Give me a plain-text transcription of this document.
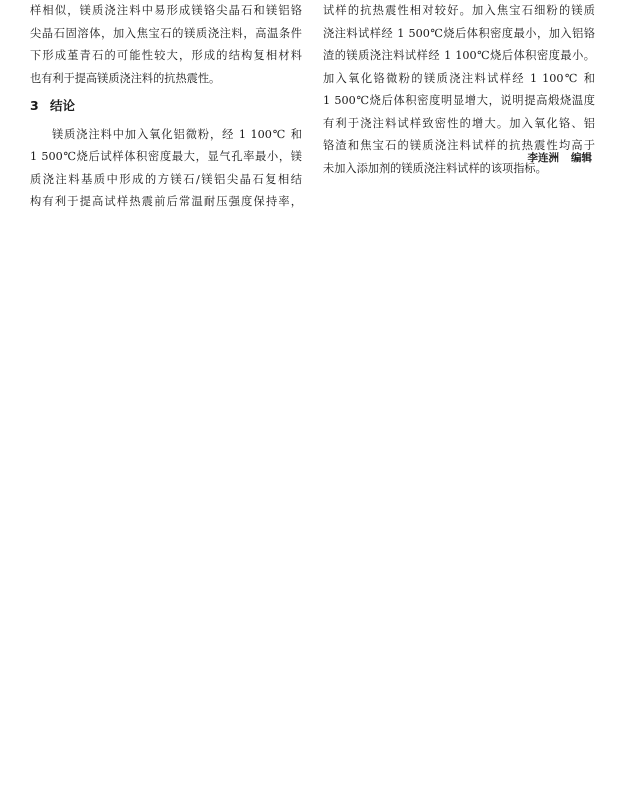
样相似，镁质浇注料中易形成镁铬尖晶石和镁铝铬
尖晶石固溶体，加入焦宝石的镁质浇注料，高温条件
下形成堇青石的可能性较大，形成的结构复相材料
也有利于提高镁质浇注料的抗热震性。
3 结论
镁质浇注料中加入氧化铝微粉，经 1 100℃ 和
1 500℃烧后试样体积密度最大，显气孔率最小，镁
质浇注料基质中形成的方镁石/镁铝尖晶石复相结
构有利于提高试样热震前后常温耐压强度保持率，
试样的抗热震性相对较好。加入焦宝石细粉的镁质
浇注料试样经 1 500℃烧后体积密度最小，加入铝铬
渣的镁质浇注料试样经 1 100℃烧后体积密度最小。
加入氧化铬微粉的镁质浇注料试样经 1 100℃ 和
1 500℃烧后体积密度明显增大，说明提高煅烧温度
有利于浇注料试样致密性的增大。加入氧化铬、铝
铬渣和焦宝石的镁质浇注料试样的抗热震性均高于
未加入添加剂的镁质浇注料试样的该项指标。
李连洲 编辑
